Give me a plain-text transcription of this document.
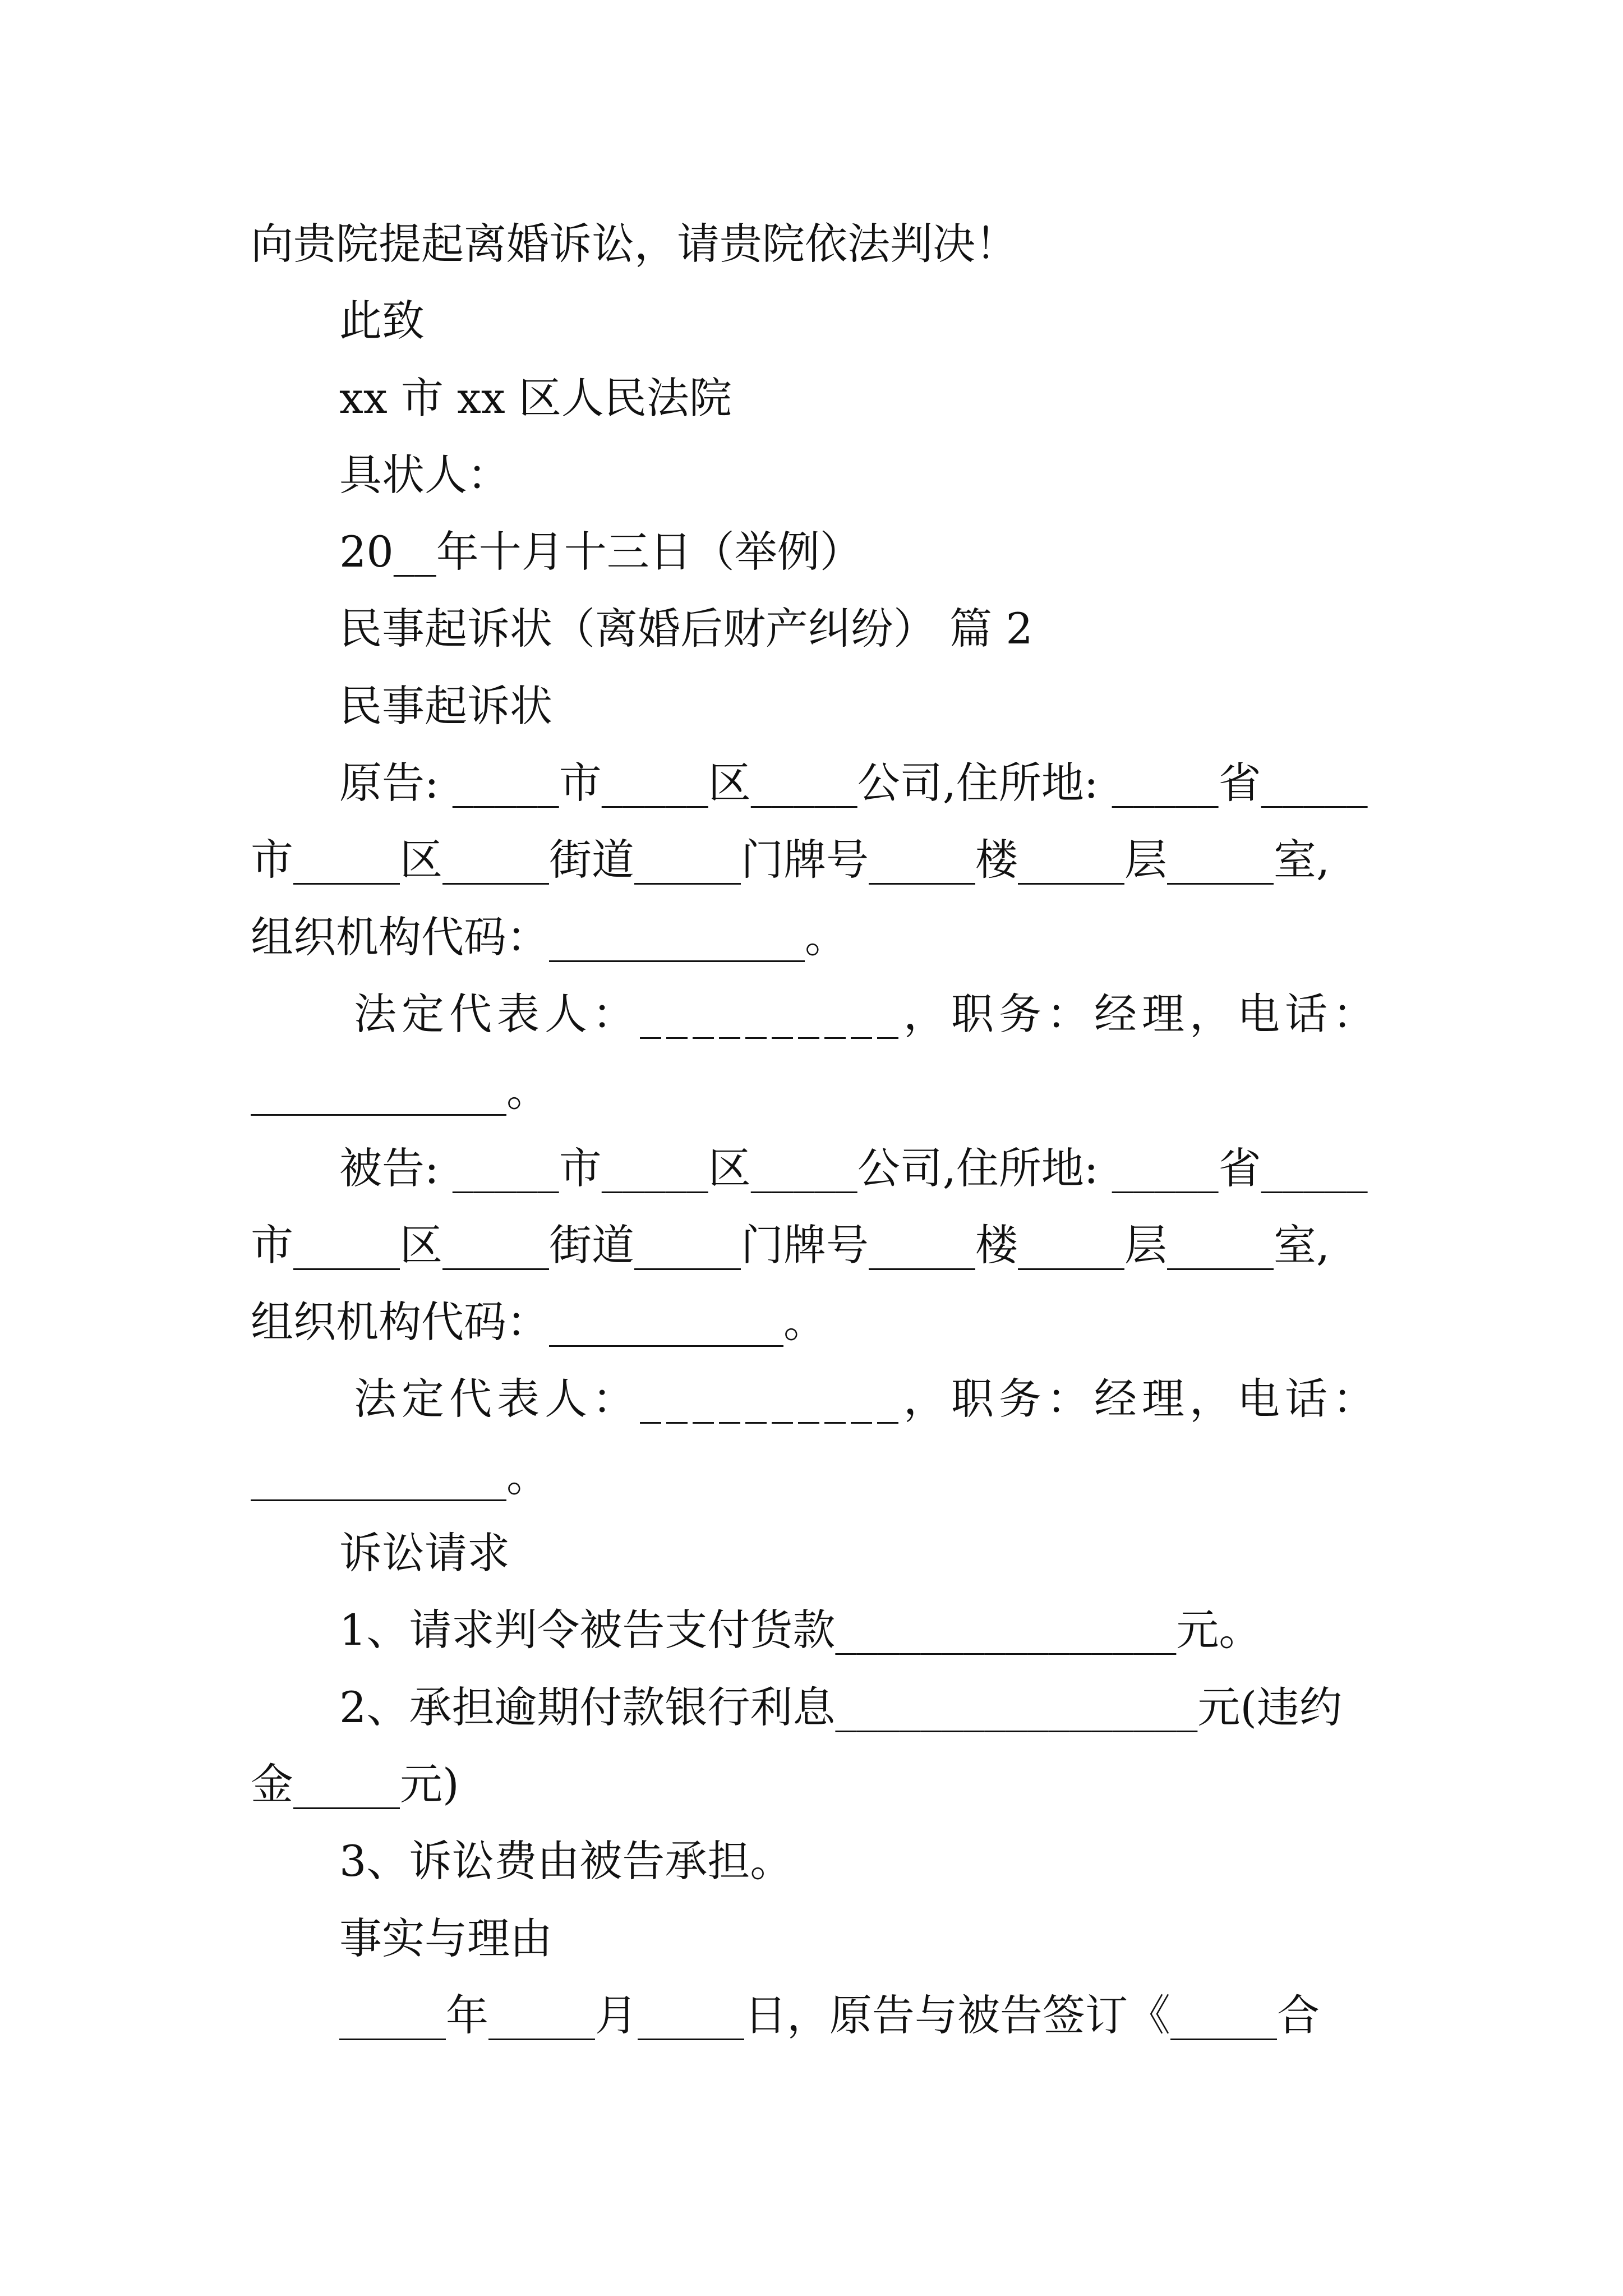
向贵院提起离婚诉讼，请贵院依法判决！
此致
xx 市 xx 区人民法院
具状人：
20__年十月十三日（举例）
民事起诉状（离婚后财产纠纷） 篇 2
民事起诉状
原告: _____市_____区_____公司,住所地: _____省_____
市_____区_____街道_____门牌号_____楼_____层_____室,
组织机构代码：____________。
法定代表人：__________，职务：经理，电话：
____________。
被告: _____市_____区_____公司,住所地: _____省_____
市_____区_____街道_____门牌号_____楼_____层_____室,
组织机构代码：___________。
法定代表人：__________，职务：经理，电话：
____________。
诉讼请求
1、请求判令被告支付货款________________元。
2、承担逾期付款银行利息_________________元(违约
金_____元)
3、诉讼费由被告承担。
事实与理由
_____年_____月_____日，原告与被告签订《_____合
